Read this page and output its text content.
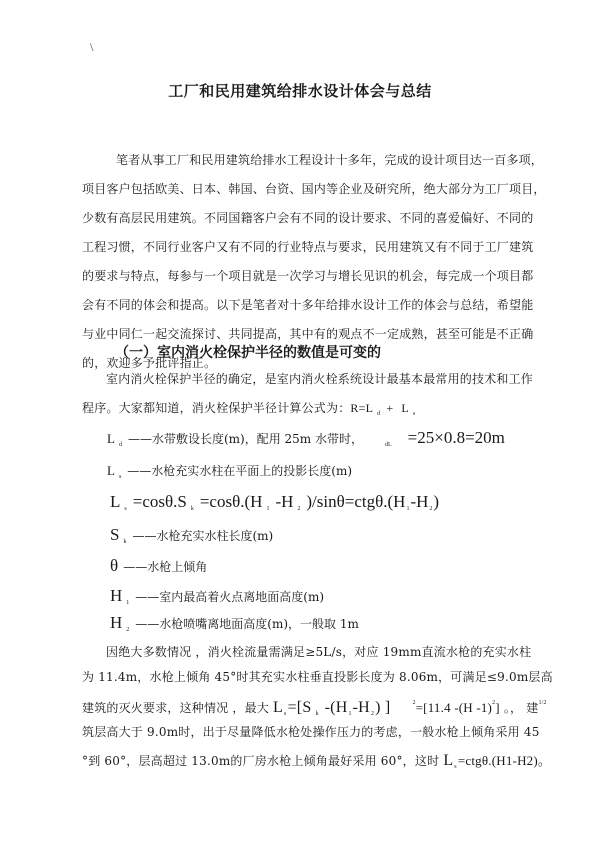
\
工厂和民用建筑给排水设计体会与总结
笔者从事工厂和民用建筑给排水工程设计十多年，完成的设计项目达一百多项，
项目客户包括欧美、日本、韩国、台资、国内等企业及研究所，绝大部分为工厂项目，
少数有高层民用建筑。不同国籍客户会有不同的设计要求、不同的喜爱偏好、不同的
工程习惯，不同行业客户又有不同的行业特点与要求，民用建筑又有不同于工厂建筑
的要求与特点，每参与一个项目就是一次学习与增长见识的机会，每完成一个项目都
会有不同的体会和提高。以下是笔者对十多年给排水设计工作的体会与总结，希望能
与业中同仁一起交流探讨、共同提高，其中有的观点不一定成熟，甚至可能是不正确
的，欢迎多予批评指正。
（一）室内消火栓保护半径的数值是可变的
室内消火栓保护半径的确定，是室内消火栓系统设计最基本最常用的技术和工作
程序。大家都知道，消火栓保护半径计算公式为：R=L $_d$ + L $_s$
L $_d$ ——水带敷设长度(m)，配用 25m 水带时，	$_{dL}$ =25×0.8=20m
L $_s$ ——水枪充实水柱在平面上的投影长度(m)
L $_s$ =cosθ.S $_k$ =cosθ.(H $_1$ -H $_2$ )$/\sin\theta=ctg\theta.(H_1-H_2)$
S $_k$ ——水枪充实水柱长度(m)
θ ——水枪上倾角
H $_1$ ——室内最高着火点离地面高度(m)
H $_2$ ——水枪喷嘴离地面高度(m)，一般取 1m
因绝大多数情况 ，消火栓流量需满足≥5L/s，对应 19mm直流水枪的充实水柱
为 11.4m，水枪上倾角 45°时其充实水柱垂直投影长度为 8.06m，可满足≤9.0m层高
建筑的灭火要求，这种情况 ，最大 $L_s=[S$ $_k$ $-(H_1-H_2)$ ]	$^2$=[11.4 -(H -1)$^2$] 。， 建$^{1/2}$
筑层高大于 9.0m时，出于尽量降低水枪处操作压力的考虑，一般水枪上倾角采用 45
°到 60°，层高超过 13.0m的厂房水枪上倾角最好采用 60°，这时 $L_s=ctg\theta.(H1-H2)$。
